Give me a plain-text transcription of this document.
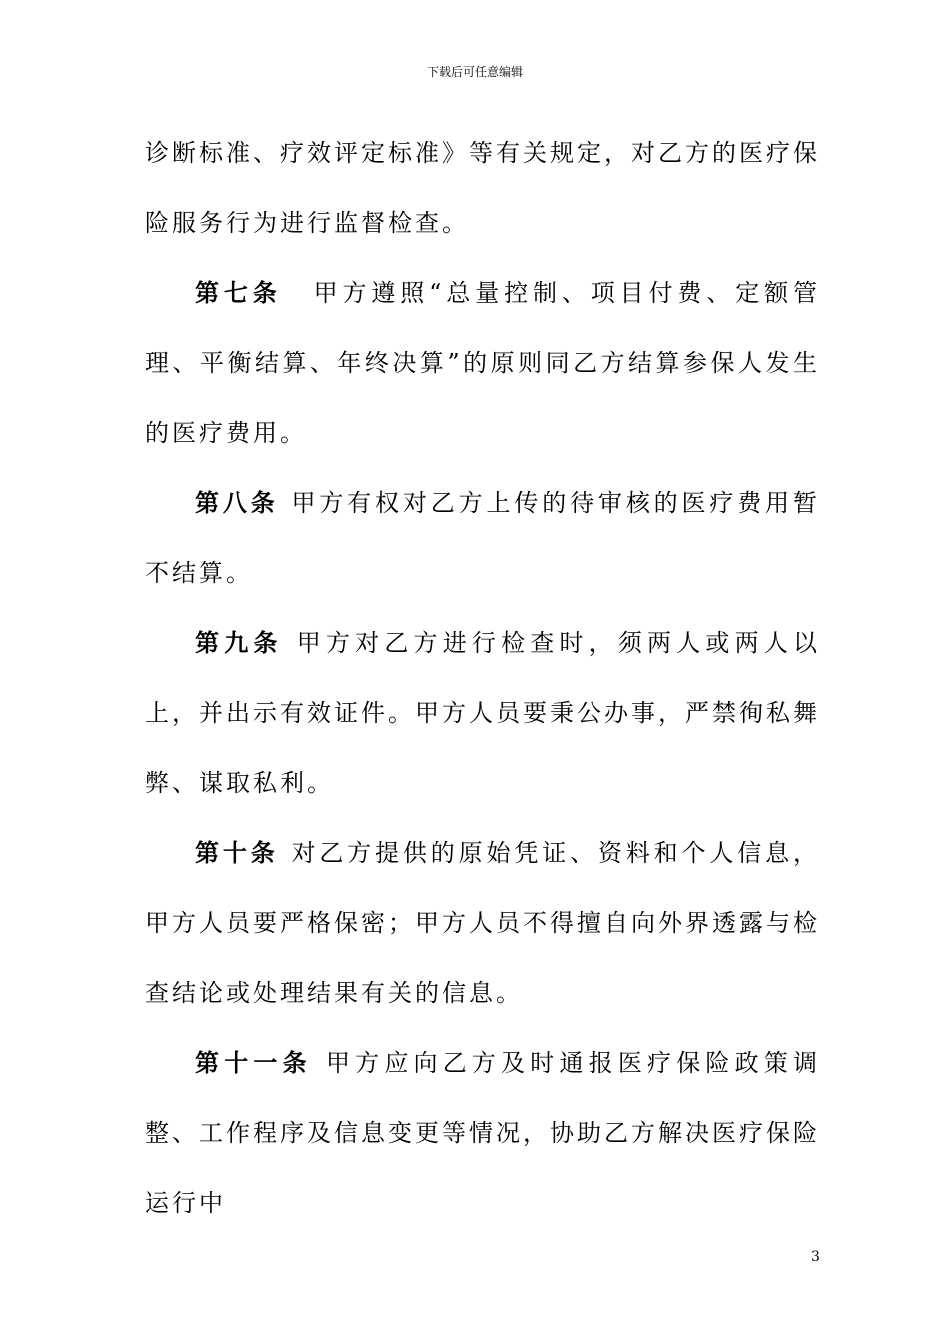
下载后可任意编辑

诊断标准、疗效评定标准》等有关规定，对乙方的医疗保险服务行为进行监督检查。

第七条 甲方遵照“总量控制、项目付费、定额管理、平衡结算、年终决算”的原则同乙方结算参保人发生的医疗费用。

第八条 甲方有权对乙方上传的待审核的医疗费用暂不结算。

第九条 甲方对乙方进行检查时，须两人或两人以上，并出示有效证件。甲方人员要秉公办事，严禁徇私舞弊、谋取私利。

第十条 对乙方提供的原始凭证、资料和个人信息，甲方人员要严格保密；甲方人员不得擅自向外界透露与检查结论或处理结果有关的信息。

第十一条 甲方应向乙方及时通报医疗保险政策调整、工作程序及信息变更等情况，协助乙方解决医疗保险运行中

3
